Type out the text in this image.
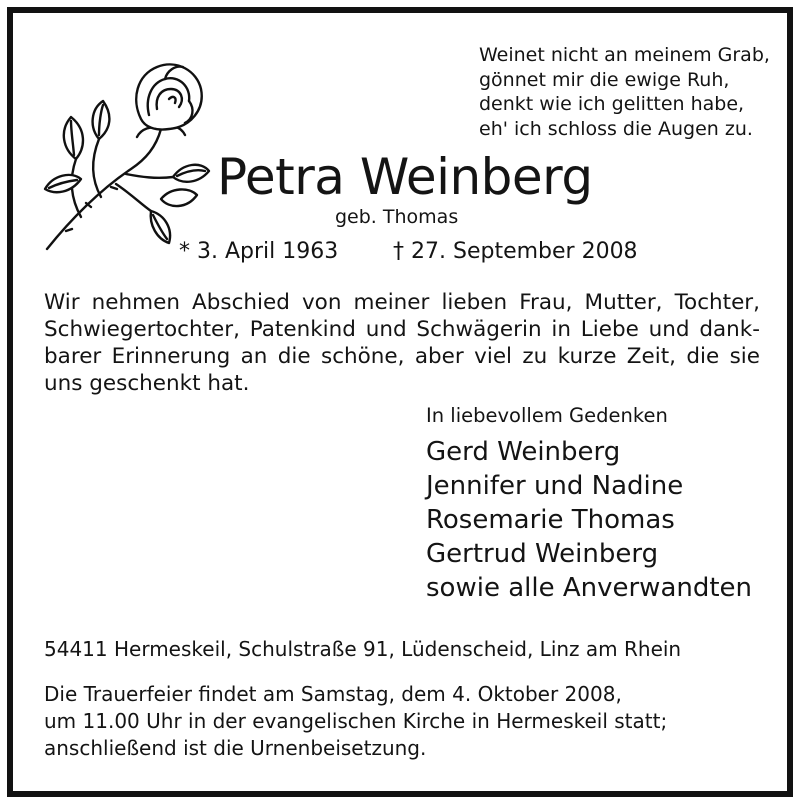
Weinet nicht an meinem Grab,
gönnet mir die ewige Ruh,
denkt wie ich gelitten habe,
eh' ich schloss die Augen zu.
Petra Weinberg
geb. Thomas
* 3. April 1963 † 27. September 2008
Wir nehmen Abschied von meiner lieben Frau, Mutter, Tochter, Schwiegertochter, Patenkind und Schwägerin in Liebe und dank-barer Erinnerung an die schöne, aber viel zu kurze Zeit, die sie uns geschenkt hat.
In liebevollem Gedenken
Gerd Weinberg
Jennifer und Nadine
Rosemarie Thomas
Gertrud Weinberg
sowie alle Anverwandten
54411 Hermeskeil, Schulstraße 91, Lüdenscheid, Linz am Rhein
Die Trauerfeier findet am Samstag, dem 4. Oktober 2008,
um 11.00 Uhr in der evangelischen Kirche in Hermeskeil statt;
anschließend ist die Urnenbeisetzung.
